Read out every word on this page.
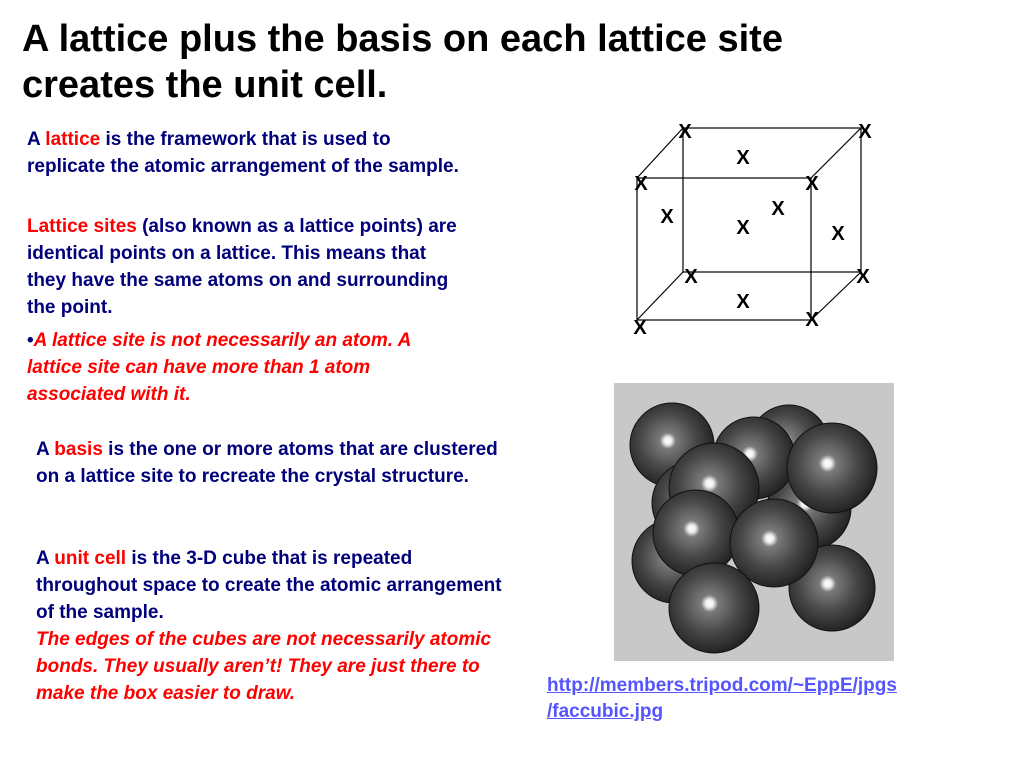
A lattice plus the basis on each lattice site
creates the unit cell.
A lattice is the framework that is used to replicate the atomic arrangement of the sample.
Lattice sites (also known as a lattice points) are identical points on a lattice. This means that they have the same atoms on and surrounding the point.
•A lattice site is not necessarily an atom. A lattice site can have more than 1 atom associated with it.
A basis is the one or more atoms that are clustered on a lattice site to recreate the crystal structure.
A unit cell is the 3-D cube that is repeated throughout space to create the atomic arrangement of the sample.
The edges of the cubes are not necessarily atomic bonds. They usually aren’t! They are just there to make the box easier to draw.
X	X
X
X	X
X
X	X	X
X	X
X
X
X
http://members.tripod.com/~EppE/jpgs
/faccubic.jpg
